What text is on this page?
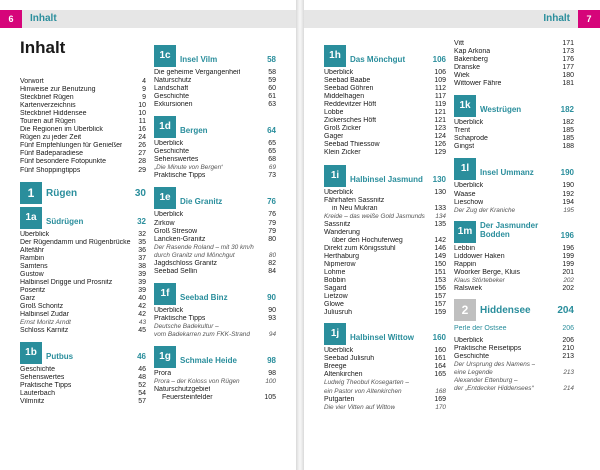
6	Inhalt
Inhalt
Vorwort	4
Hinweise zur Benutzung	9
Steckbrief Rügen	9
Kartenverzeichnis	10
Steckbrief Hiddensee	10
Touren auf Rügen	11
Die Regionen im Überblick	16
Rügen zu jeder Zeit	24
Fünf Empfehlungen für Genießer 26
Fünf Badeparadiese	27
Fünf besondere Fotopunkte	28
Fünf Shoppingtipps	29
1	Rügen	30
1a	Südrügen	32
Überblick	32
Der Rügendamm und Rügenbrücke 35
Altefähr	36
Rambin	37
Samtens	38
Gustow	39
Halbinsel Drigge und Prosnitz	39
Poseritz	39
Garz	40
Groß Schoritz	42
Halbinsel Zudar	42
Ernst Moritz Arndt	43
Schloss Karnitz	45
1b	Putbus	46
Geschichte	46
Sehenswertes	48
Praktische Tipps	52
Lauterbach	54
Vilmnitz	57
1c	Insel Vilm	58
Die geheime Vergangenheit	58
Naturschutz	59
Landschaft	60
Geschichte	61
Exkursionen	63
1d	Bergen	64
Überblick	65
Geschichte	65
Sehenswertes	68
„Die Minute von Bergen“	69
Praktische Tipps	73
1e	Die Granitz	76
Überblick	76
Zirkow	79
Groß Stresow	79
Lancken-Granitz	80
Der Rasende Roland – mit 30 km/h
durch Granitz und Mönchgut	80
Jagdschloss Granitz	82
Seebad Sellin	84
1f	Seebad Binz	90
Überblick	90
Praktische Tipps	93
Deutsche Badekultur –
vom Badekarren zum FKK-Strand	94
1g	Schmale Heide	98
Prora	98
Prora – der Koloss von Rügen	100
Naturschutzgebiet
Feuersteinfelder	105
Inhalt	7
1h	Das Mönchgut	106
Überblick	106
Seebad Baabe	109
Seebad Göhren	112
Middelhagen	117
Reddevitzer Höft	119
Lobbe	121
Zickersches Höft	121
Groß Zicker	123
Gager	124
Seebad Thiessow	126
Klein Zicker	129
1i	Halbinsel Jasmund 130
Überblick	130
Fährhafen Sassnitz
in Neu Mukran	133
Kreide – das weiße Gold Jasmunds 134
Sassnitz	135
Wanderung
über den Hochuferweg	142
Direkt zum Königsstuhl	146
Herthaburg	149
Nipmerow	150
Lohme	151
Bobbin	153
Sagard	156
Lietzow	157
Glowe	157
Juliusruh	159
1j	Halbinsel Wittow 160
Überblick	160
Seebad Julisruh	161
Breege	164
Altenkirchen	165
Ludwig Theobul Kosegarten –
ein Pastor von Altenkirchen	168
Putgarten	169
Die vier Vitten auf Wittow	170
Vitt	171
Kap Arkona	173
Bakenberg	176
Dranske	177
Wiek	180
Wittower Fähre	181
1k	Westrügen	182
Überblick	182
Trent	185
Schaprode	185
Gingst	188
1l	Insel Ummanz	190
Überblick	190
Waase	192
Lieschow	194
Der Zug der Kraniche	195
1m
Der Jasmunder
Bodden	196
Lebbin	196
Liddower Haken	199
Rappin	199
Woorker Berge, Kluis	201
Klaus Störtebeker	202
Ralswiek	202
2	Hiddensee	204
Perle der Ostsee	206
Überblick	206
Praktische Reisetipps	210
Geschichte	213
Der Ursprung des Namens –
eine Legende	213
Alexander Ettenburg –
der „Entdecker Hiddensees“	214
